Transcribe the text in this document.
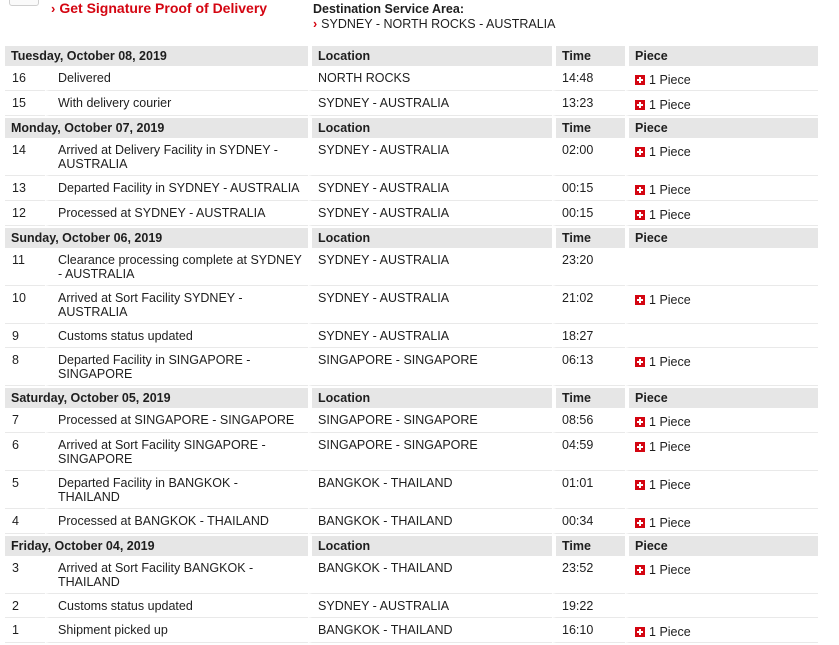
› Get Signature Proof of Delivery	Destination Service Area:
› SYDNEY - NORTH ROCKS - AUSTRALIA
Tuesday, October 08, 2019		Location	Time	Piece
16	Delivered	NORTH ROCKS	14:48	1 Piece

15	With delivery courier	SYDNEY - AUSTRALIA	13:23	1 Piece

Monday, October 07, 2019		Location	Time	Piece
14	Arrived at Delivery Facility in SYDNEY - AUSTRALIA	SYDNEY - AUSTRALIA	02:00	1 Piece

13	Departed Facility in SYDNEY - AUSTRALIA	SYDNEY - AUSTRALIA	00:15	1 Piece

12	Processed at SYDNEY - AUSTRALIA	SYDNEY - AUSTRALIA	00:15	1 Piece

Sunday, October 06, 2019		Location	Time	Piece
11	Clearance processing complete at SYDNEY - AUSTRALIA	SYDNEY - AUSTRALIA	23:20	
10	Arrived at Sort Facility SYDNEY - AUSTRALIA	SYDNEY - AUSTRALIA	21:02	1 Piece

9	Customs status updated	SYDNEY - AUSTRALIA	18:27	
8	Departed Facility in SINGAPORE - SINGAPORE	SINGAPORE - SINGAPORE	06:13	1 Piece

Saturday, October 05, 2019		Location	Time	Piece
7	Processed at SINGAPORE - SINGAPORE	SINGAPORE - SINGAPORE	08:56	1 Piece

6	Arrived at Sort Facility SINGAPORE - SINGAPORE	SINGAPORE - SINGAPORE	04:59	1 Piece

5	Departed Facility in BANGKOK - THAILAND	BANGKOK - THAILAND	01:01	1 Piece

4	Processed at BANGKOK - THAILAND	BANGKOK - THAILAND	00:34	1 Piece

Friday, October 04, 2019		Location	Time	Piece
3	Arrived at Sort Facility BANGKOK - THAILAND	BANGKOK - THAILAND	23:52	1 Piece

2	Customs status updated	SYDNEY - AUSTRALIA	19:22	
1	Shipment picked up	BANGKOK - THAILAND	16:10	1 Piece
